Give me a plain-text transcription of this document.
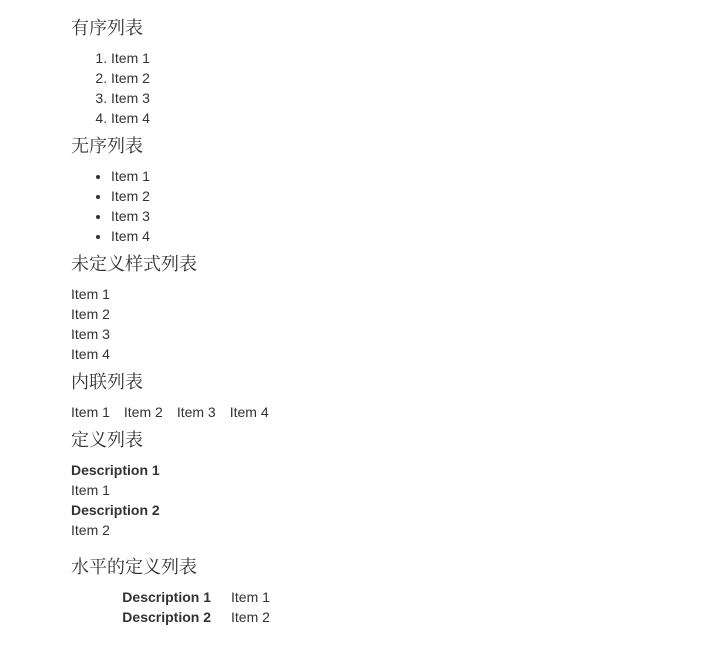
有序列表
1. Item 1
2. Item 2
3. Item 3
4. Item 4
无序列表
• Item 1
• Item 2
• Item 3
• Item 4
未定义样式列表
Item 1
Item 2
Item 3
Item 4
内联列表
Item 1	Item 2	Item 3	Item 4
定义列表
Description 1
Item 1
Description 2
Item 2
水平的定义列表
Description 1	Item 1
Description 2	Item 2
